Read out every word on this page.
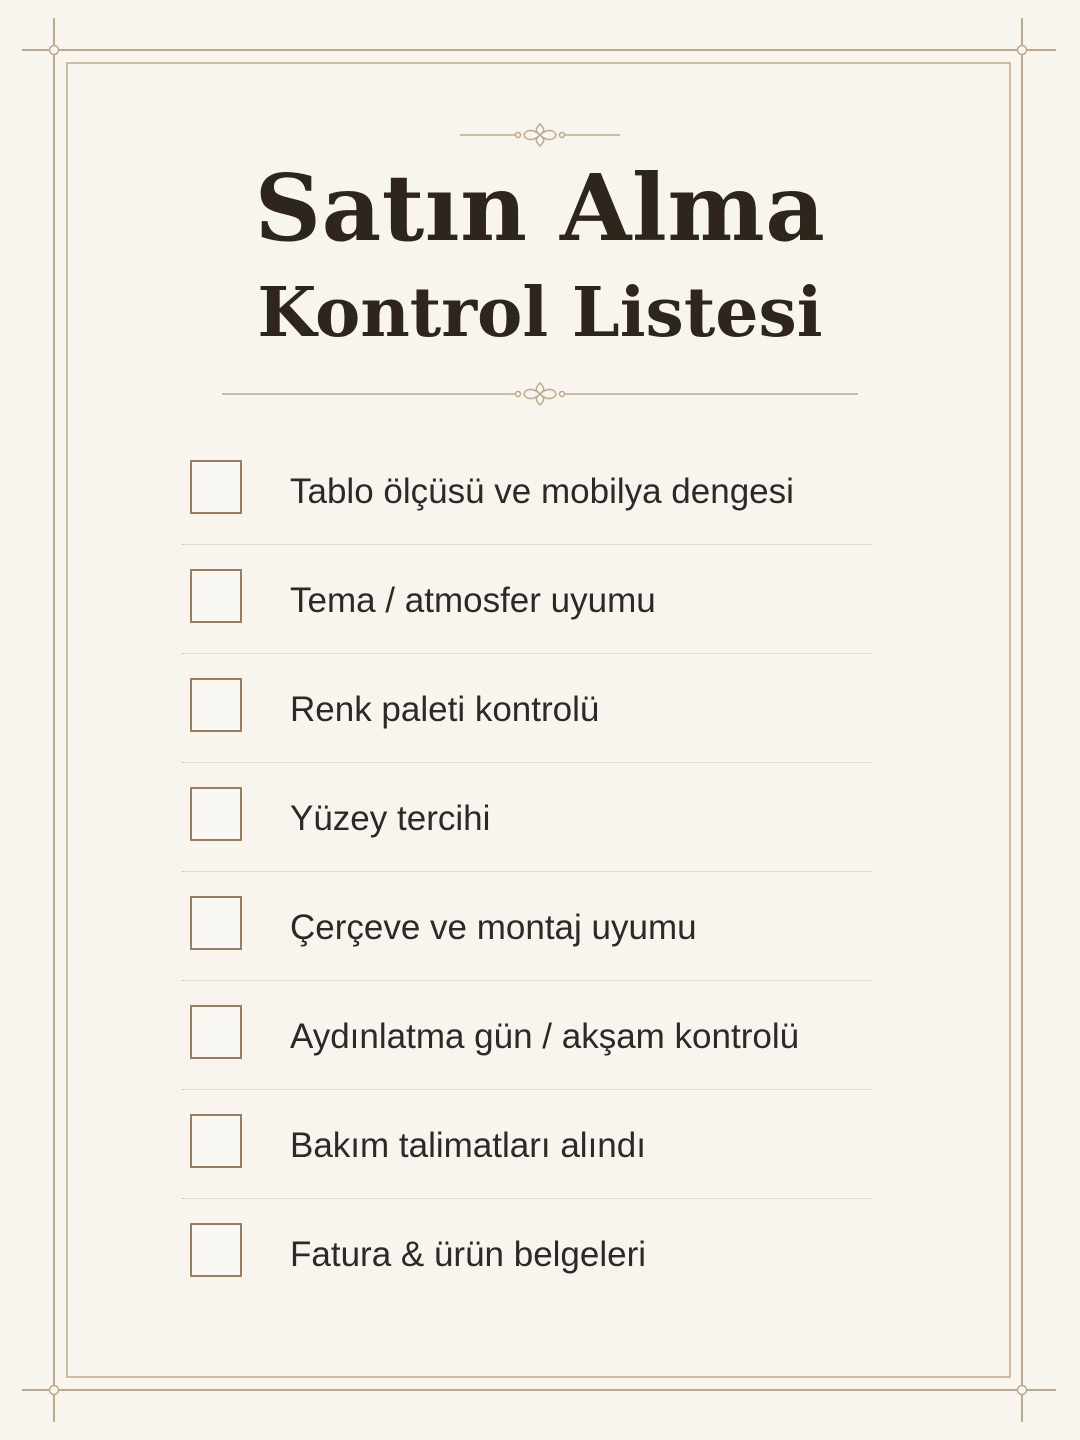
Satın Alma
Kontrol Listesi
Tablo ölçüsü ve mobilya dengesi
Tema / atmosfer uyumu
Renk paleti kontrolü
Yüzey tercihi
Çerçeve ve montaj uyumu
Aydınlatma gün / akşam kontrolü
Bakım talimatları alındı
Fatura & ürün belgeleri
